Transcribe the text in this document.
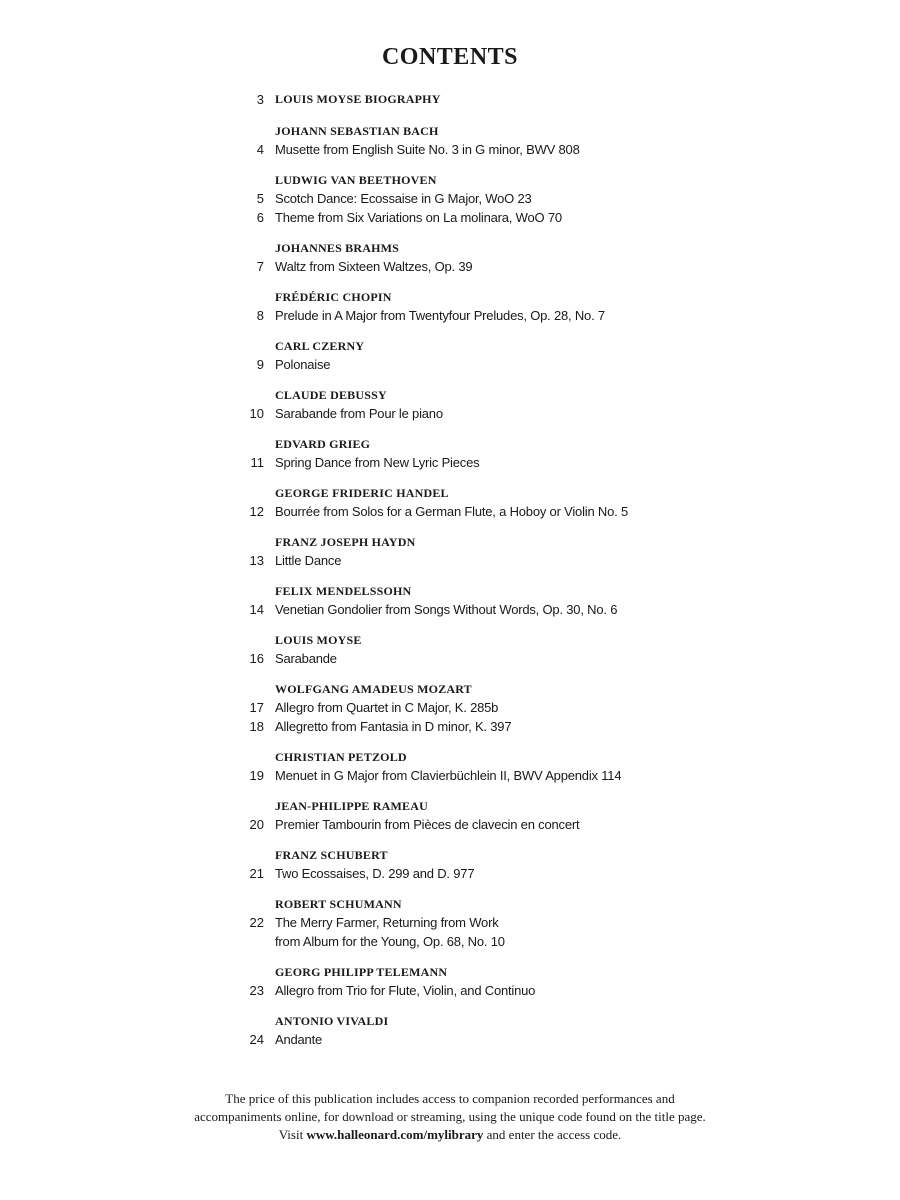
CONTENTS
3 LOUIS MOYSE BIOGRAPHY
JOHANN SEBASTIAN BACH
4 Musette from English Suite No. 3 in G minor, BWV 808
LUDWIG VAN BEETHOVEN
5 Scotch Dance: Ecossaise in G Major, WoO 23
6 Theme from Six Variations on La molinara, WoO 70
JOHANNES BRAHMS
7 Waltz from Sixteen Waltzes, Op. 39
FRÉDÉRIC CHOPIN
8 Prelude in A Major from Twentyfour Preludes, Op. 28, No. 7
CARL CZERNY
9 Polonaise
CLAUDE DEBUSSY
10 Sarabande from Pour le piano
EDVARD GRIEG
11 Spring Dance from New Lyric Pieces
GEORGE FRIDERIC HANDEL
12 Bourrée from Solos for a German Flute, a Hoboy or Violin No. 5
FRANZ JOSEPH HAYDN
13 Little Dance
FELIX MENDELSSOHN
14 Venetian Gondolier from Songs Without Words, Op. 30, No. 6
LOUIS MOYSE
16 Sarabande
WOLFGANG AMADEUS MOZART
17 Allegro from Quartet in C Major, K. 285b
18 Allegretto from Fantasia in D minor, K. 397
CHRISTIAN PETZOLD
19 Menuet in G Major from Clavierbüchlein II, BWV Appendix 114
JEAN-PHILIPPE RAMEAU
20 Premier Tambourin from Pièces de clavecin en concert
FRANZ SCHUBERT
21 Two Ecossaises, D. 299 and D. 977
ROBERT SCHUMANN
22 The Merry Farmer, Returning from Work
from Album for the Young, Op. 68, No. 10
GEORG PHILIPP TELEMANN
23 Allegro from Trio for Flute, Violin, and Continuo
ANTONIO VIVALDI
24 Andante
The price of this publication includes access to companion recorded performances and
accompaniments online, for download or streaming, using the unique code found on the title page.
Visit www.halleonard.com/mylibrary and enter the access code.
